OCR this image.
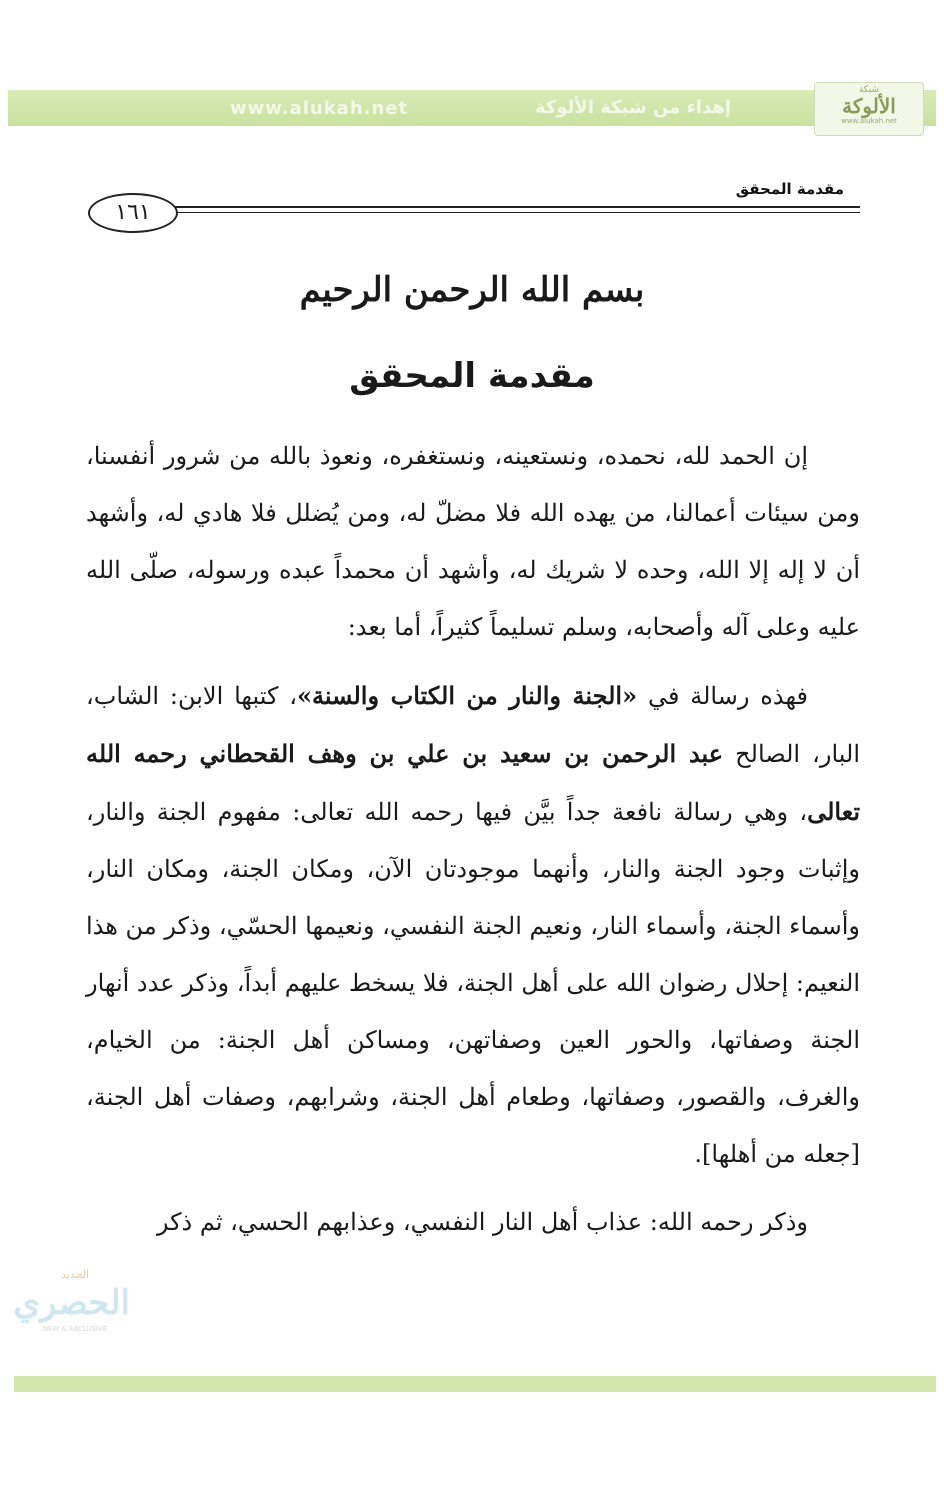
www.alukah.net	إهداء من شبكة الألوكة
شبكة
الألوكة
www.alukah.net
مقدمة المحقق
١٦١
بسم الله الرحمن الرحيم
مقدمة المحقق

إن الحمد لله، نحمده، ونستعينه، ونستغفره، ونعوذ بالله من شرور أنفسنا، ومن سيئات أعمالنا، من يهده الله فلا مضلّ له، ومن يُضلل فلا هادي له، وأشهد أن لا إله إلا الله، وحده لا شريك له، وأشهد أن محمداً عبده ورسوله، صلّى الله عليه وعلى آله وأصحابه، وسلم تسليماً كثيراً، أما بعد:

فهذه رسالة في «الجنة والنار من الكتاب والسنة»، كتبها الابن: الشاب، البار، الصالح عبد الرحمن بن سعيد بن علي بن وهف القحطاني رحمه الله تعالى، وهي رسالة نافعة جداً بيَّن فيها رحمه الله تعالى: مفهوم الجنة والنار، وإثبات وجود الجنة والنار، وأنهما موجودتان الآن، ومكان الجنة، ومكان النار، وأسماء الجنة، وأسماء النار، ونعيم الجنة النفسي، ونعيمها الحسّي، وذكر من هذا النعيم: إحلال رضوان الله على أهل الجنة، فلا يسخط عليهم أبداً، وذكر عدد أنهار الجنة وصفاتها، والحور العين وصفاتهن، ومساكن أهل الجنة: من الخيام، والغرف، والقصور، وصفاتها، وطعام أهل الجنة، وشرابهم، وصفات أهل الجنة، [جعله من أهلها].

وذكر رحمه الله: عذاب أهل النار النفسي، وعذابهم الحسي، ثم ذكر

الجديد
الحصري
NEW & EXCLUSIVE
